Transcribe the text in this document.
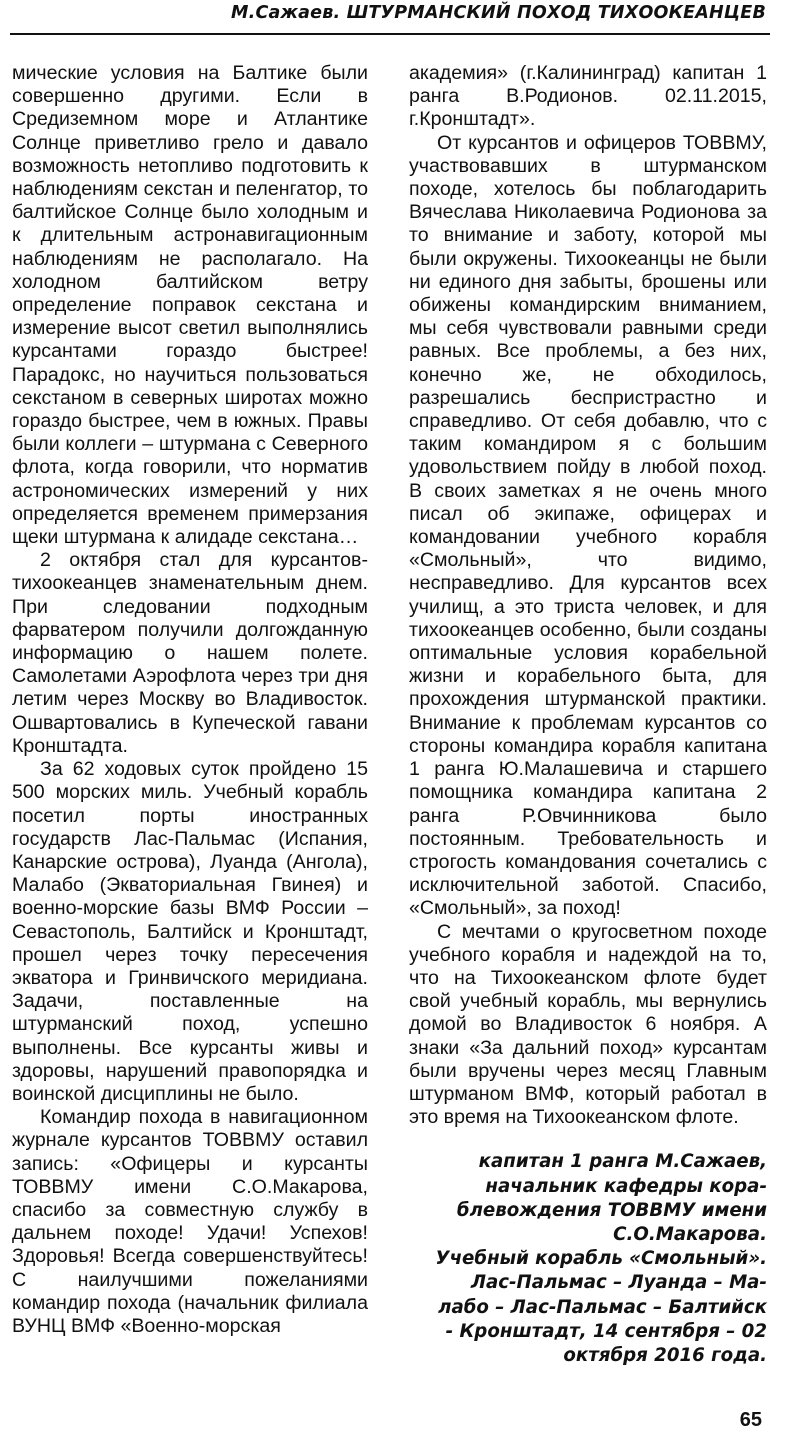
М.Сажаев. ШТУРМАНСКИЙ ПОХОД ТИХООКЕАНЦЕВ

мические условия на Балтике были совершенно другими. Если в Средиземном море и Атлантике Солнце приветливо грело и давало возможность нетопливо подготовить к наблюдениям секстан и пеленгатор, то балтийское Солнце было холодным и к длительным астронавигационным наблюдениям не располагало. На холодном балтийском ветру определение поправок секстана и измерение высот светил выполнялись курсантами гораздо быстрее! Парадокс, но научиться пользоваться секстаном в северных широтах можно гораздо быстрее, чем в южных. Правы были коллеги – штурмана с Северного флота, когда говорили, что норматив астрономических измерений у них определяется временем примерзания щеки штурмана к алидаде секстана…

2 октября стал для курсантов-тихоокеанцев знаменательным днем. При следовании подходным фарватером получили долгожданную информацию о нашем полете. Самолетами Аэрофлота через три дня летим через Москву во Владивосток. Ошвартовались в Купеческой гавани Кронштадта.

За 62 ходовых суток пройдено 15 500 морских миль. Учебный корабль посетил порты иностранных государств Лас-Пальмас (Испания, Канарские острова), Луанда (Ангола), Малабо (Экваториальная Гвинея) и военно-морские базы ВМФ России – Севастополь, Балтийск и Кронштадт, прошел через точку пересечения экватора и Гринвичского меридиана. Задачи, поставленные на штурманский поход, успешно выполнены. Все курсанты живы и здоровы, нарушений правопорядка и воинской дисциплины не было.

Командир похода в навигационном журнале курсантов ТОВВМУ оставил запись: «Офицеры и курсанты ТОВВМУ имени С.О.Макарова, спасибо за совместную службу в дальнем походе! Удачи! Успехов! Здоровья! Всегда совершенствуйтесь! С наилучшими пожеланиями командир похода (начальник филиала ВУНЦ ВМФ «Военно-морская

академия» (г.Калининград) капитан 1 ранга В.Родионов. 02.11.2015, г.Кронштадт».

От курсантов и офицеров ТОВВМУ, участвовавших в штурманском походе, хотелось бы поблагодарить Вячеслава Николаевича Родионова за то внимание и заботу, которой мы были окружены. Тихоокеанцы не были ни единого дня забыты, брошены или обижены командирским вниманием, мы себя чувствовали равными среди равных. Все проблемы, а без них, конечно же, не обходилось, разрешались беспристрастно и справедливо. От себя добавлю, что с таким командиром я с большим удовольствием пойду в любой поход. В своих заметках я не очень много писал об экипаже, офицерах и командовании учебного корабля «Смольный», что видимо, несправедливо. Для курсантов всех училищ, а это триста человек, и для тихоокеанцев особенно, были созданы оптимальные условия корабельной жизни и корабельного быта, для прохождения штурманской практики. Внимание к проблемам курсантов со стороны командира корабля капитана 1 ранга Ю.Малашевича и старшего помощника командира капитана 2 ранга Р.Овчинникова было постоянным. Требовательность и строгость командования сочетались с исключительной заботой. Спасибо, «Смольный», за поход!

С мечтами о кругосветном походе учебного корабля и надеждой на то, что на Тихоокеанском флоте будет свой учебный корабль, мы вернулись домой во Владивосток 6 ноября. А знаки «За дальний поход» курсантам были вручены через месяц Главным штурманом ВМФ, который работал в это время на Тихоокеанском флоте.

капитан 1 ранга М.Сажаев,
начальник кафедры кора-
блевождения ТОВВМУ имени
С.О.Макарова.
Учебный корабль «Смольный».
Лас-Пальмас – Луанда – Ма-
лабо – Лас-Пальмас – Балтийск
- Кронштадт, 14 сентября – 02
октября 2016 года.
65
